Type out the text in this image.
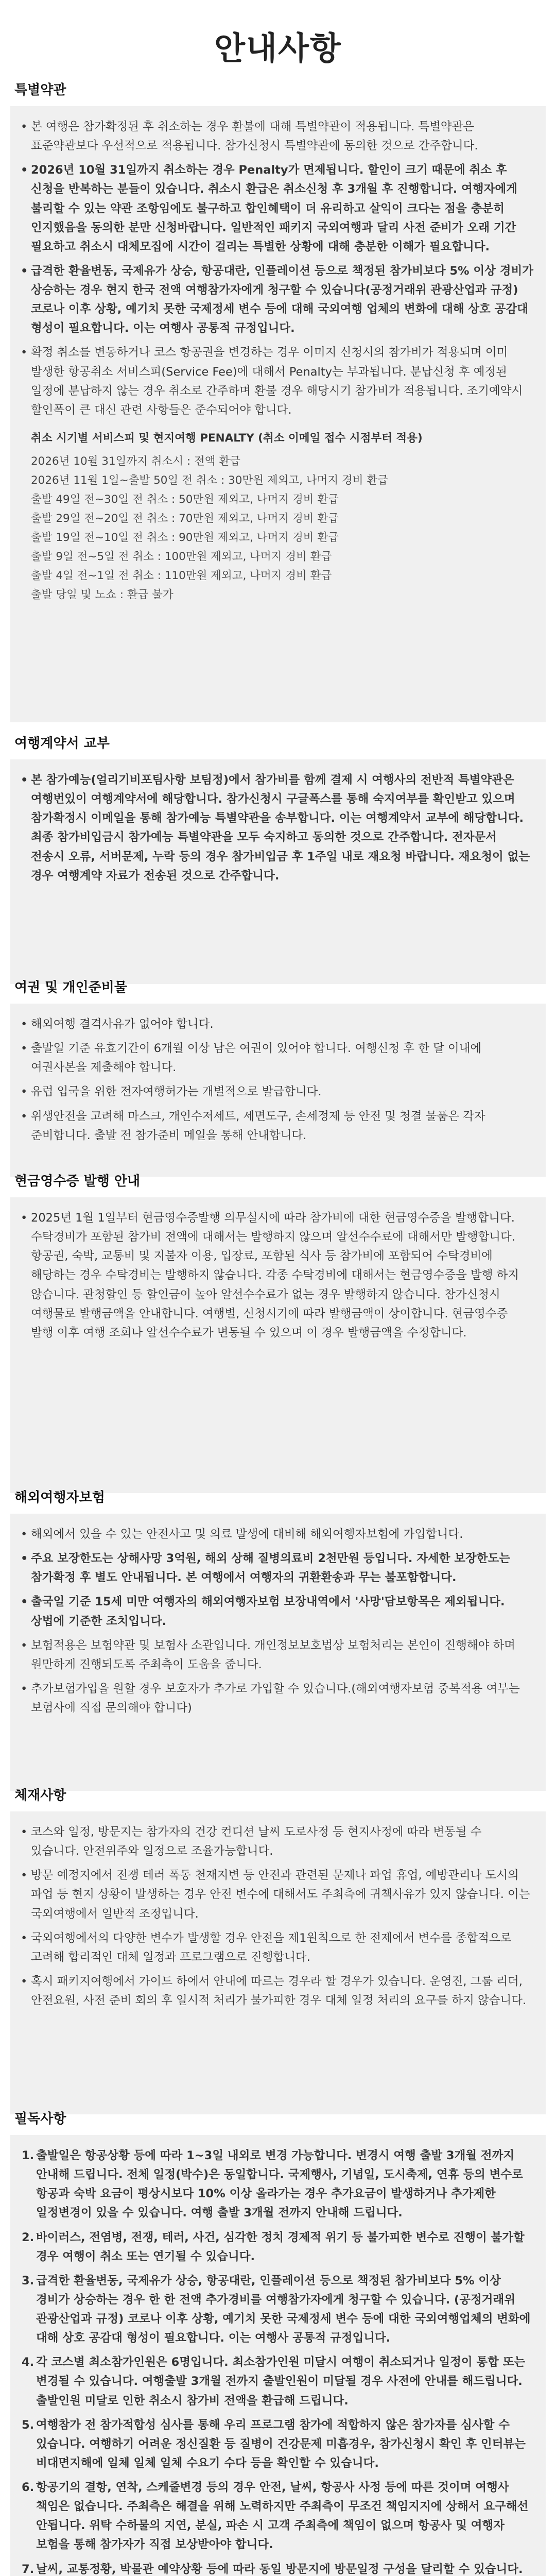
안내사항
특별약관
• 본 여행은 참가확정된 후 취소하는 경우 환불에 대해 특별약관이 적용됩니다. 특별약관은 표준약관보다 우선적으로 적용됩니다. 참가신청시 특별약관에 동의한 것으로 간주합니다.
• 2026년 10월 31일까지 취소하는 경우 Penalty가 면제됩니다. 할인이 크기 때문에 취소 후 신청을 반복하는 분들이 있습니다. 취소시 환급은 취소신청 후 3개월 후 진행합니다. 여행자에게 불리할 수 있는 약관 조항임에도 불구하고 합인혜택이 더 유리하고 살익이 크다는 점을 충분히 인지했음을 동의한 분만 신청바랍니다. 일반적인 패키지 국외여행과 달리 사전 준비가 오래 기간 필요하고 취소시 대체모집에 시간이 걸리는 특별한 상황에 대해 충분한 이해가 필요합니다.
• 급격한 환율변동, 국제유가 상승, 항공대란, 인플레이션 등으로 책정된 참가비보다 5% 이상 경비가 상승하는 경우 현지 한국 전액 여행참가자에게 청구할 수 있습니다(공정거래위 관광산업과 규정) 코로나 이후 상황, 예기치 못한 국제정세 변수 등에 대해 국외여행 업체의 변화에 대해 상호 공감대 형성이 필요합니다. 이는 여행사 공통적 규정입니다.
• 확정 취소를 변동하거나 코스 항공권을 변경하는 경우 이미지 신청시의 참가비가 적용되며 이미 발생한 항공취소 서비스피(Service Fee)에 대해서 Penalty는 부과됩니다. 분납신청 후 예정된 일정에 분납하지 않는 경우 취소로 간주하며 환불 경우 해당시기 참가비가 적용됩니다. 조기예약시 할인폭이 큰 대신 관련 사항들은 준수되어야 합니다.
취소 시기별 서비스피 및 현지여행 PENALTY (취소 이메일 접수 시점부터 적용)
2026년 10월 31일까지 취소시 : 전액 환급
2026년 11월 1일~출발 50일 전 취소 : 30만원 제외고, 나머지 경비 환급
출발 49일 전~30일 전 취소 : 50만원 제외고, 나머지 경비 환급
출발 29일 전~20일 전 취소 : 70만원 제외고, 나머지 경비 환급
출발 19일 전~10일 전 취소 : 90만원 제외고, 나머지 경비 환급
출발 9일 전~5일 전 취소 : 100만원 제외고, 나머지 경비 환급
출발 4일 전~1일 전 취소 : 110만원 제외고, 나머지 경비 환급
출발 당일 및 노쇼 : 환급 불가
여행계약서 교부
• 본 참가예능(얼리기비포팀사항 보팀정)에서 참가비를 함께 결제 시 여행사의 전반적 특별약관은 여행번있이 여행계약서에 해당합니다. 참가신청시 구글폭스를 통해 숙지여부를 확인받고 있으며 참가확정시 이메일을 통해 참가예능 특별약관을 송부합니다. 이는 여행계약서 교부에 해당합니다. 최종 참가비입금시 참가예능 특별약관을 모두 숙지하고 동의한 것으로 간주합니다. 전자문서 전송시 오류, 서버문제, 누락 등의 경우 참가비입금 후 1주일 내로 재요청 바랍니다. 재요청이 없는 경우 여행계약 자료가 전송된 것으로 간주합니다.
여권 및 개인준비물
• 해외여행 결격사유가 없어야 합니다.
• 출발일 기준 유효기간이 6개월 이상 남은 여권이 있어야 합니다. 여행신청 후 한 달 이내에 여권사본을 제출해야 합니다.
• 유럽 입국을 위한 전자여행허가는 개별적으로 발급합니다.
• 위생안전을 고려해 마스크, 개인수저세트, 세면도구, 손세정제 등 안전 및 청결 물품은 각자 준비합니다. 출발 전 참가준비 메일을 통해 안내합니다.
현금영수증 발행 안내
• 2025년 1월 1일부터 현금영수증발행 의무실시에 따라 참가비에 대한 현금영수증을 발행합니다. 수탁경비가 포함된 참가비 전액에 대해서는 발행하지 않으며 알선수수료에 대해서만 발행합니다. 항공권, 숙박, 교통비 및 지불자 이용, 입장료, 포함된 식사 등 참가비에 포함되어 수탁경비에 해당하는 경우 수탁경비는 발행하지 않습니다. 각종 수탁경비에 대해서는 현금영수증을 발행 하지 않습니다. 관청할인 등 할인금이 높아 알선수수료가 없는 경우 발행하지 않습니다. 참가신청시 여행물로 발행금액을 안내합니다. 여행별, 신청시기에 따라 발행금액이 상이합니다. 현금영수증 발행 이후 여행 조회나 알선수수료가 변동될 수 있으며 이 경우 발행금액을 수정합니다.
해외여행자보험
• 해외에서 있을 수 있는 안전사고 및 의료 발생에 대비해 해외여행자보험에 가입합니다.
• 주요 보장한도는 상해사망 3억원, 해외 상해 질병의료비 2천만원 등입니다. 자세한 보장한도는 참가확정 후 별도 안내됩니다. 본 여행에서 여행자의 귀환환송과 무는 불포함합니다.
• 출국일 기준 15세 미만 여행자의 해외여행자보험 보장내역에서 '사망'담보항목은 제외됩니다. 상법에 기준한 조치입니다.
• 보험적용은 보험약관 및 보험사 소관입니다. 개인정보보호법상 보험처리는 본인이 진행해야 하며 원만하게 진행되도록 주최측이 도움을 줍니다.
• 추가보험가입을 원할 경우 보호자가 추가로 가입할 수 있습니다.(해외여행자보험 중복적용 여부는 보험사에 직접 문의해야 합니다)
체재사항
• 코스와 일정, 방문지는 참가자의 건강 컨디션 날씨 도로사정 등 현지사정에 따라 변동될 수 있습니다. 안전위주와 일정으로 조율가능합니다.
• 방문 예정지에서 전쟁 테러 폭동 천재지변 등 안전과 관련된 문제나 파업 휴업, 예방관리나 도시의 파업 등 현지 상황이 발생하는 경우 안전 변수에 대해서도 주최측에 귀책사유가 있지 않습니다. 이는 국외여행에서 일반적 조정입니다.
• 국외여행에서의 다양한 변수가 발생할 경우 안전을 제1원칙으로 한 전제에서 변수를 종합적으로 고려해 합리적인 대체 일정과 프로그램으로 진행합니다.
• 혹시 패키지여행에서 가이드 하에서 안내에 따르는 경우라 할 경우가 있습니다. 운영진, 그룹 리더, 안전요원, 사전 준비 회의 후 일시적 처리가 불가피한 경우 대체 일정 처리의 요구를 하지 않습니다.
필독사항
1. 출발일은 항공상황 등에 따라 1~3일 내외로 변경 가능합니다. 변경시 여행 출발 3개월 전까지 안내해 드립니다. 전체 일정(박수)은 동일합니다. 국제행사, 기념일, 도시축제, 연휴 등의 변수로 항공과 숙박 요금이 평상시보다 10% 이상 올라가는 경우 추가요금이 발생하거나 추가제한 일정변경이 있을 수 있습니다. 여행 출발 3개월 전까지 안내해 드립니다.
2. 바이러스, 전염병, 전쟁, 테러, 사건, 심각한 정치 경제적 위기 등 불가피한 변수로 진행이 불가할 경우 여행이 취소 또는 연기될 수 있습니다.
3. 급격한 환율변동, 국제유가 상승, 항공대란, 인플레이션 등으로 책정된 참가비보다 5% 이상 경비가 상승하는 경우 한 한 전액 추가경비를 여행참가자에게 청구할 수 있습니다. (공정거래위 관광산업과 규정) 코로나 이후 상황, 예기치 못한 국제정세 변수 등에 대한 국외여행업체의 변화에 대해 상호 공감대 형성이 필요합니다. 이는 여행사 공통적 규정입니다.
4. 각 코스별 최소참가인원은 6명입니다. 최소참가인원 미달시 여행이 취소되거나 일정이 통합 또는 변경될 수 있습니다. 여행출발 3개월 전까지 출발인원이 미달될 경우 사전에 안내를 해드립니다. 출발인원 미달로 인한 취소시 참가비 전액을 환급해 드립니다.
5. 여행참가 전 참가적합성 심사를 통해 우리 프로그램 참가에 적합하지 않은 참가자를 심사할 수 있습니다. 여행하기 어려운 정신질환 등 질병이 건강문제 미흡경우, 참가신청시 확인 후 인터뷰는 비대면지해에 일체 일체 일체 수요기 수다 등을 확인할 수 있습니다.
6. 항공기의 결항, 연착, 스케줄변경 등의 경우 안전, 날씨, 항공사 사정 등에 따른 것이며 여행사 책임은 없습니다. 주최측은 해결을 위해 노력하지만 주최측이 무조건 책임지지에 상해서 요구해선 안됩니다. 위탁 수하물의 지연, 분실, 파손 시 고객 주최측에 책임이 없으며 항공사 및 여행자 보험을 통해 참가자가 직접 보상받아야 합니다.
7. 날씨, 교통정황, 박물관 예약상황 등에 따라 동일 방문지에 방문일정 구성을 달리할 수 있습니다.
